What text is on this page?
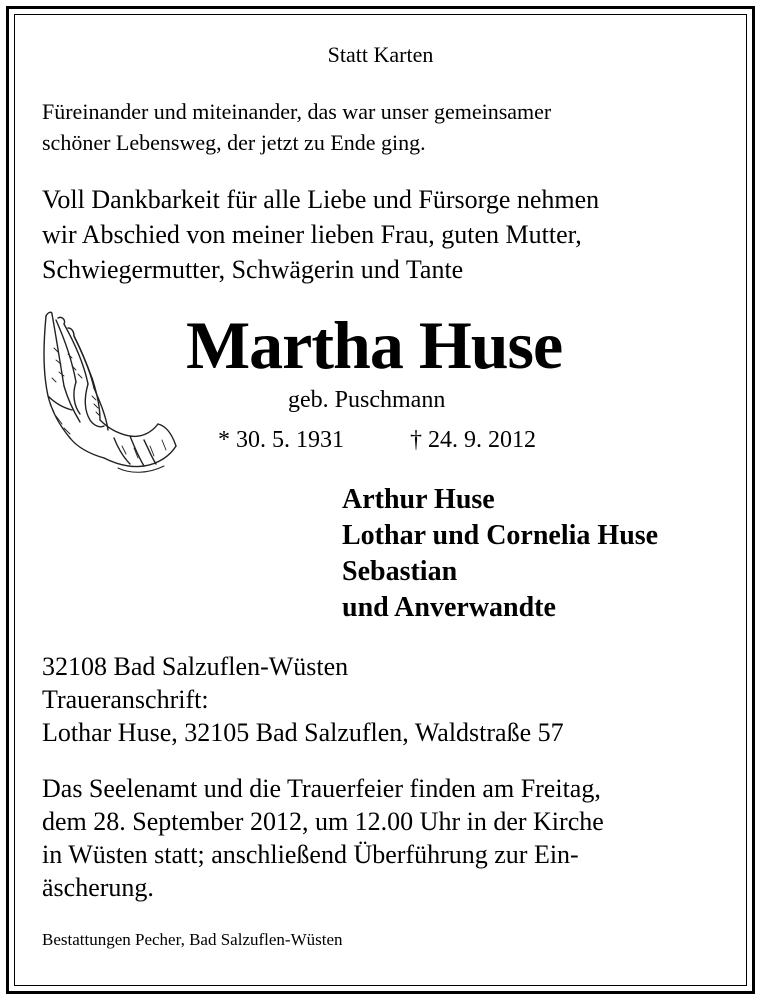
Statt Karten
Füreinander und miteinander, das war unser gemeinsamer
schöner Lebensweg, der jetzt zu Ende ging.
Voll Dankbarkeit für alle Liebe und Fürsorge nehmen
wir Abschied von meiner lieben Frau, guten Mutter,
Schwiegermutter, Schwägerin und Tante
Martha Huse
geb. Puschmann
* 30. 5. 1931	† 24. 9. 2012
Arthur Huse
Lothar und Cornelia Huse
Sebastian
und Anverwandte
32108 Bad Salzuflen-Wüsten
Traueranschrift:
Lothar Huse, 32105 Bad Salzuflen, Waldstraße 57
Das Seelenamt und die Trauerfeier finden am Freitag,
dem 28. September 2012, um 12.00 Uhr in der Kirche
in Wüsten statt; anschließend Überführung zur Ein-
äscherung.
Bestattungen Pecher, Bad Salzuflen-Wüsten
